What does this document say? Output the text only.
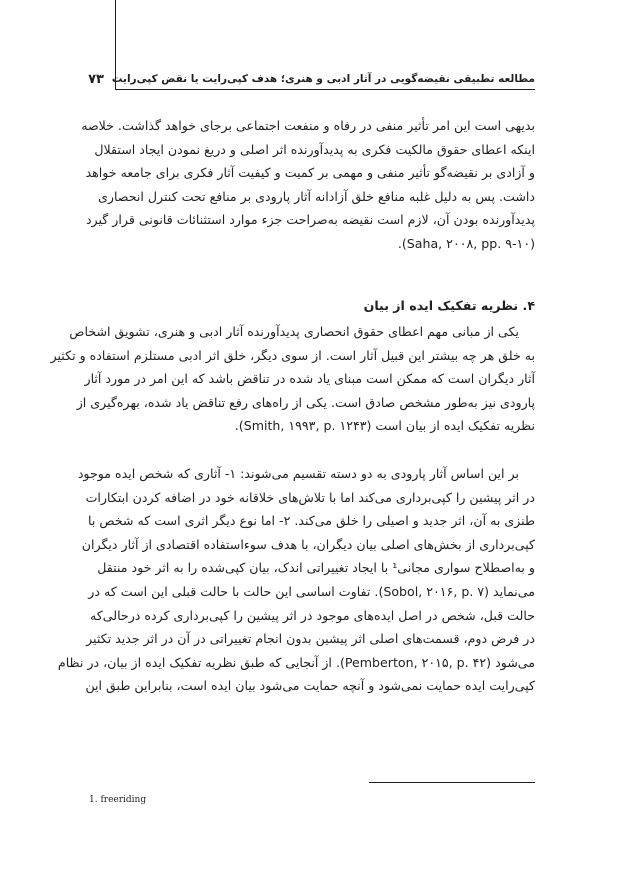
۷۳ مطالعه تطبیقی نقیضه‌گویی در آثار ادبی و هنری؛ هدف کپی‌رایت یا نقض کپی‌رایت
بدیهی است این امر تأثیر منفی در رفاه و منفعت اجتماعی برجای خواهد گذاشت. خلاصه
اینکه اعطای حقوق مالکیت فکری به پدیدآورنده اثر اصلی و دریغ نمودن ایجاد استقلال
و آزادی بر نقیضه‌گو تأثیر منفی و مهمی بر کمیت و کیفیت آثار فکری برای جامعه خواهد
داشت. پس به دلیل غلبه منافع خلق آزادانه آثار پارودی بر منافع تحت کنترل انحصاری
پدیدآورنده بودن آن، لازم است نقیضه به‌صراحت جزء موارد استثنائات قانونی قرار گیرد
(Saha, ۲۰۰۸, pp. ۹-۱۰).
۴. نظریه تفکیک ایده از بیان
یکی از مبانی مهم اعطای حقوق انحصاری پدیدآورنده آثار ادبی و هنری، تشویق اشخاص
به خلق هر چه بیشتر این قبیل آثار است. از سوی دیگر، خلق اثر ادبی مستلزم استفاده و تکثیر
آثار دیگران است که ممکن است مبنای یاد شده در تناقض باشد که این امر در مورد آثار
پارودی نیز به‌طور مشخص صادق است. یکی از راه‌های رفع تناقض یاد شده، بهره‌گیری از
نظریه تفکیک ایده از بیان است (Smith, ۱۹۹۳, p. ۱۲۴۳).
بر این اساس آثار پارودی به دو دسته تقسیم می‌شوند: ۱- آثاری که شخص ایده موجود
در اثر پیشین را کپی‌برداری می‌کند اما با تلاش‌های خلاقانه خود در اضافه کردن ابتکارات
طنزی به آن، اثر جدید و اصیلی را خلق می‌کند. ۲- اما نوع دیگر اثری است که شخص با
کپی‌برداری از بخش‌های اصلی بیان دیگران، با هدف سوءاستفاده اقتصادی از آثار دیگران
و به‌اصطلاح سواری مجانی¹ با ایجاد تغییراتی اندک، بیان کپی‌شده را به اثر خود منتقل
می‌نماید (Sobol, ۲۰۱۶, p. ۷). تفاوت اساسی این حالت با حالت قبلی این است که در
حالت قبل، شخص در اصل ایده‌های موجود در اثر پیشین را کپی‌برداری کرده درحالی‌که
در فرض دوم، قسمت‌های اصلی اثر پیشین بدون انجام تغییراتی در آن در اثر جدید تکثیر
می‌شود (Pemberton, ۲۰۱۵, p. ۴۲). از آنجایی که طبق نظریه تفکیک ایده از بیان، در نظام
کپی‌رایت ایده حمایت نمی‌شود و آنچه حمایت می‌شود بیان ایده است، بنابراین طبق این
1. freeriding
